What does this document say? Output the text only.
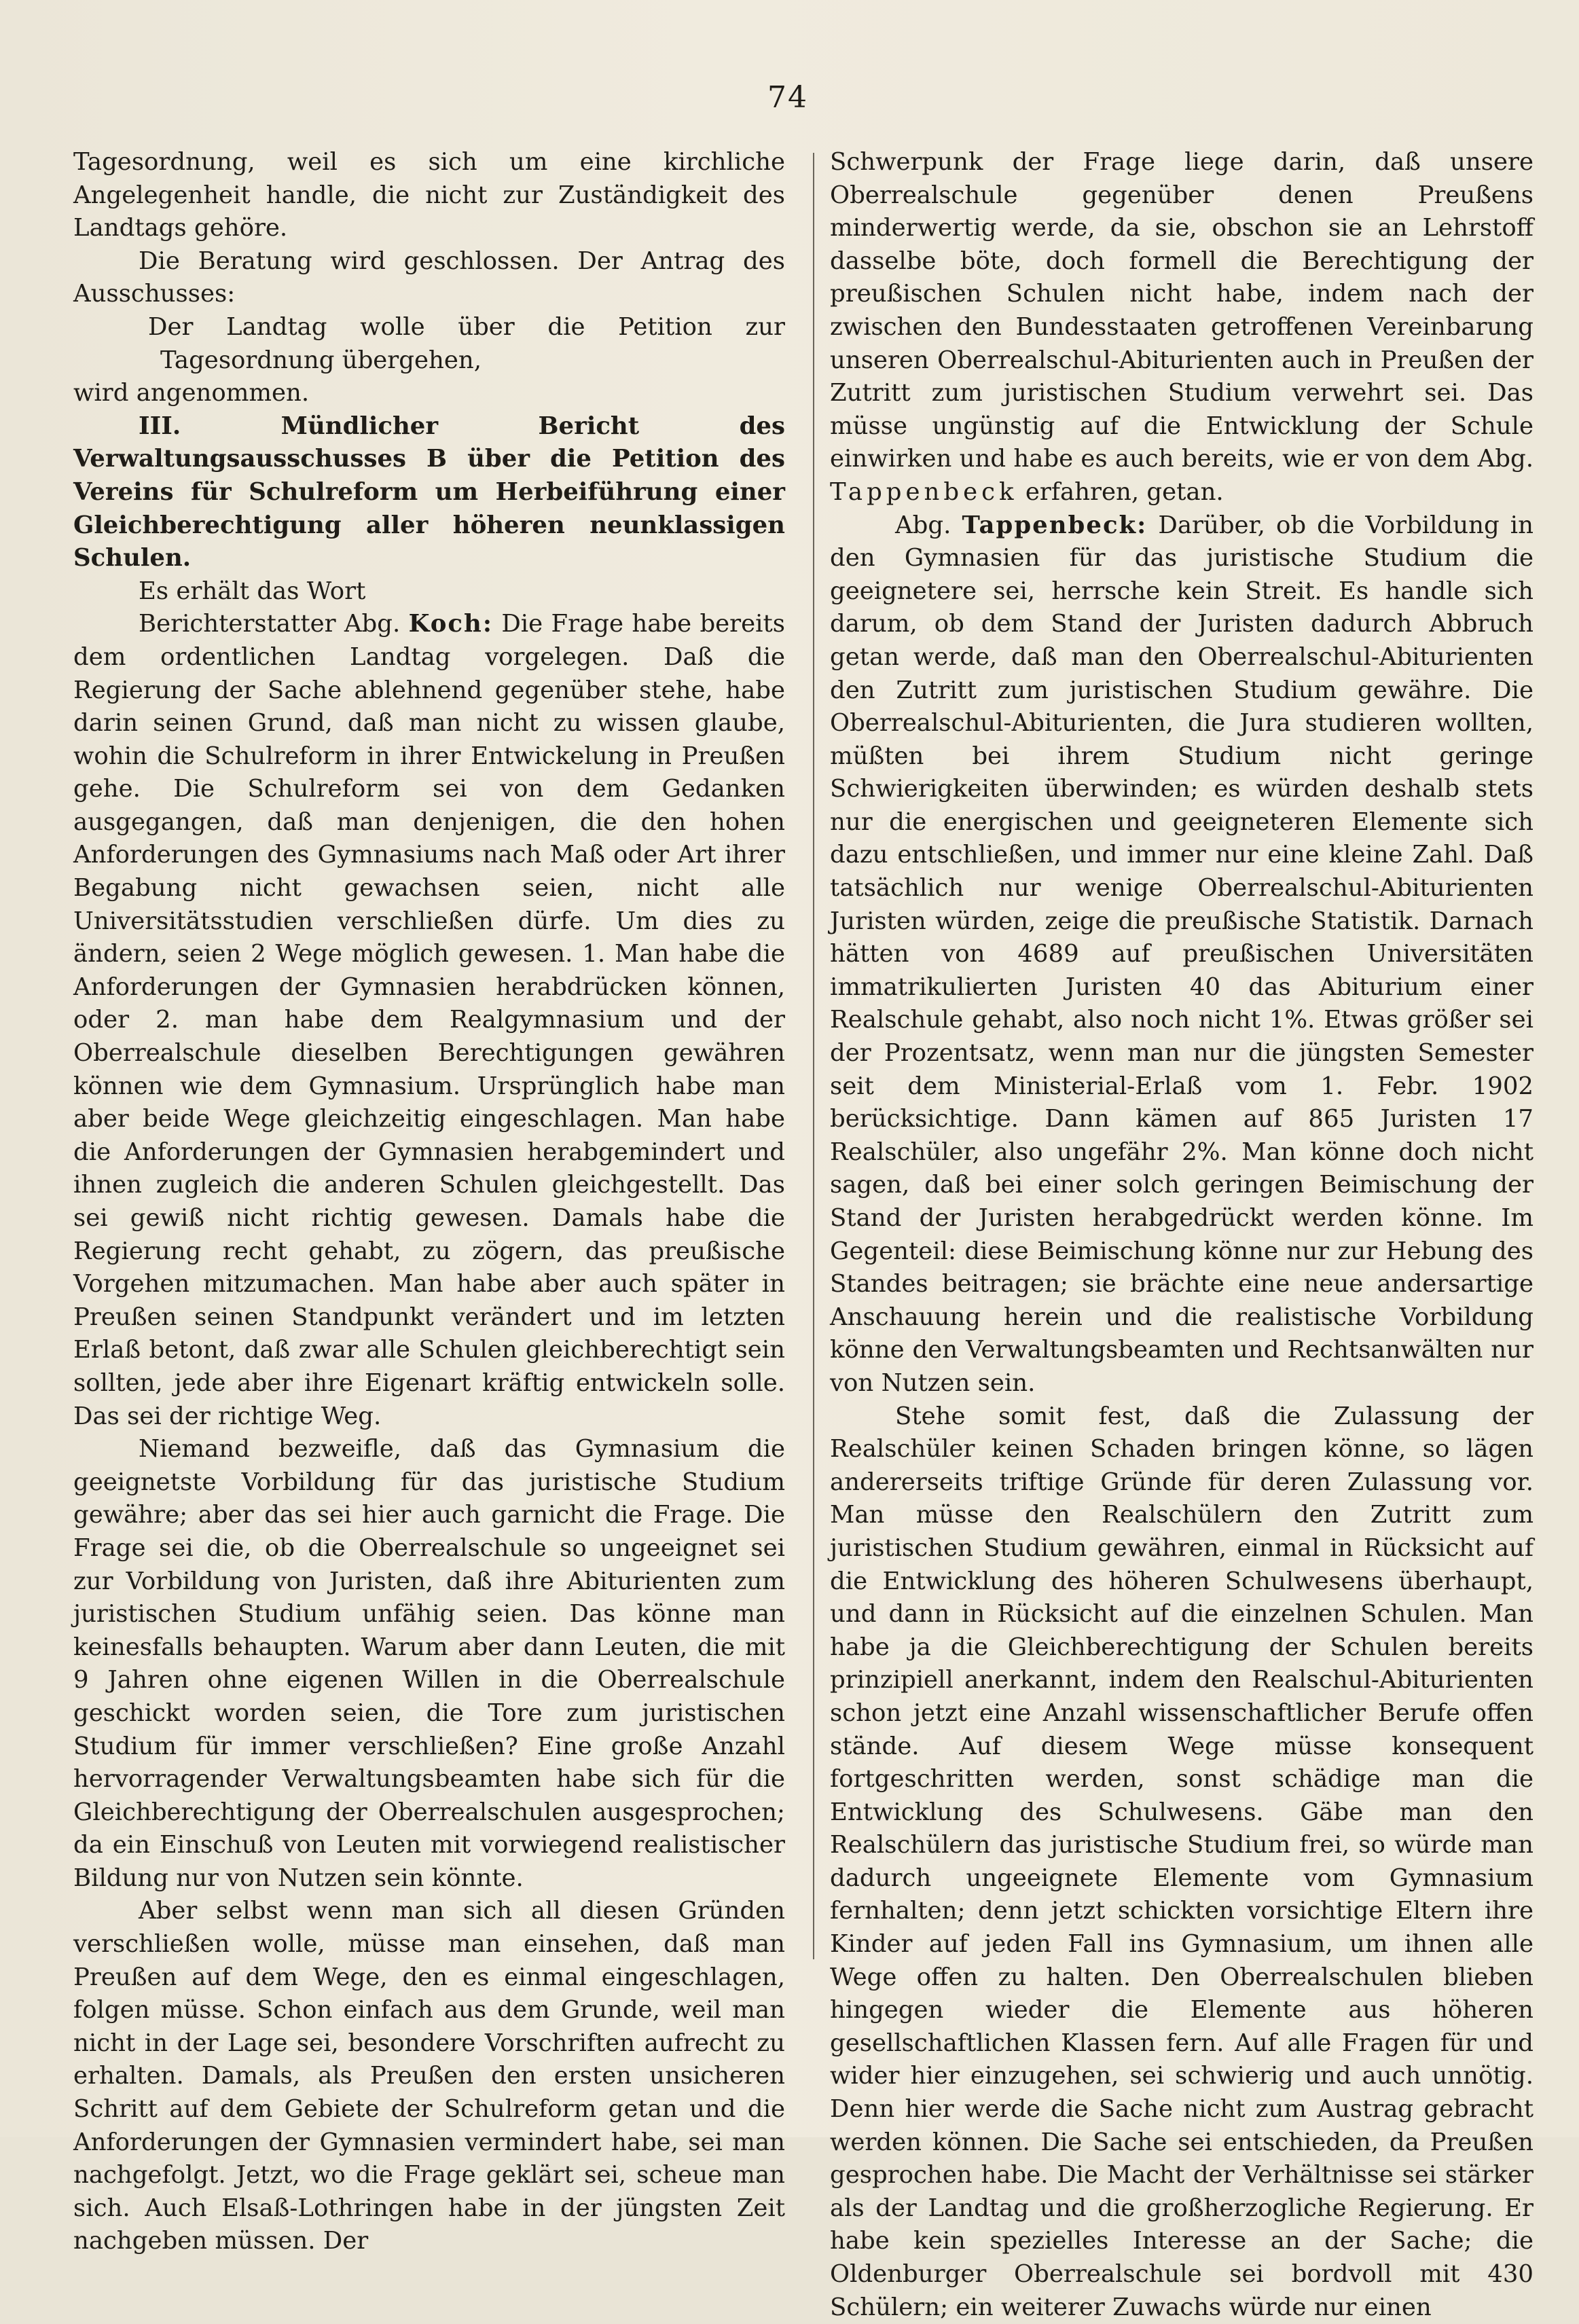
74

Tagesordnung, weil es sich um eine kirchliche Angelegenheit handle, die nicht zur Zuständigkeit des Landtags gehöre.

Die Beratung wird geschlossen. Der Antrag des Ausschusses:

Der Landtag wolle über die Petition zur Tagesordnung übergehen,

wird angenommen.

III.	Mündlicher Bericht des Verwaltungsausschusses B über die Petition des Vereins für Schulreform um Herbeiführung einer Gleichberechtigung aller höheren neunklassigen Schulen.

Es erhält das Wort

Berichterstatter Abg. Koch: Die Frage habe bereits dem ordentlichen Landtag vorgelegen. Daß die Regierung der Sache ablehnend gegenüber stehe, habe darin seinen Grund, daß man nicht zu wissen glaube, wohin die Schulreform in ihrer Entwickelung in Preußen gehe. Die Schulreform sei von dem Gedanken ausgegangen, daß man denjenigen, die den hohen Anforderungen des Gymnasiums nach Maß oder Art ihrer Begabung nicht gewachsen seien, nicht alle Universitätsstudien verschließen dürfe. Um dies zu ändern, seien 2 Wege möglich gewesen. 1. Man habe die Anforderungen der Gymnasien herabdrücken können, oder 2. man habe dem Realgymnasium und der Oberrealschule dieselben Berechtigungen gewähren können wie dem Gymnasium. Ursprünglich habe man aber beide Wege gleichzeitig eingeschlagen. Man habe die Anforderungen der Gymnasien herabgemindert und ihnen zugleich die anderen Schulen gleichgestellt. Das sei gewiß nicht richtig gewesen. Damals habe die Regierung recht gehabt, zu zögern, das preußische Vorgehen mitzumachen. Man habe aber auch später in Preußen seinen Standpunkt verändert und im letzten Erlaß betont, daß zwar alle Schulen gleichberechtigt sein sollten, jede aber ihre Eigenart kräftig entwickeln solle. Das sei der richtige Weg.

Niemand bezweifle, daß das Gymnasium die geeignetste Vorbildung für das juristische Studium gewähre; aber das sei hier auch garnicht die Frage. Die Frage sei die, ob die Oberrealschule so ungeeignet sei zur Vorbildung von Juristen, daß ihre Abiturienten zum juristischen Studium unfähig seien. Das könne man keinesfalls behaupten. Warum aber dann Leuten, die mit 9 Jahren ohne eigenen Willen in die Oberrealschule geschickt worden seien, die Tore zum juristischen Studium für immer verschließen? Eine große Anzahl hervorragender Verwaltungsbeamten habe sich für die Gleichberechtigung der Oberrealschulen ausgesprochen; da ein Einschuß von Leuten mit vorwiegend realistischer Bildung nur von Nutzen sein könnte.

Aber selbst wenn man sich all diesen Gründen verschließen wolle, müsse man einsehen, daß man Preußen auf dem Wege, den es einmal eingeschlagen, folgen müsse. Schon einfach aus dem Grunde, weil man nicht in der Lage sei, besondere Vorschriften aufrecht zu erhalten. Damals, als Preußen den ersten unsicheren Schritt auf dem Gebiete der Schulreform getan und die Anforderungen der Gymnasien vermindert habe, sei man nachgefolgt. Jetzt, wo die Frage geklärt sei, scheue man sich. Auch Elsaß-Lothringen habe in der jüngsten Zeit nachgeben müssen. Der

Schwerpunk der Frage liege darin, daß unsere Oberrealschule gegenüber denen Preußens minderwertig werde, da sie, obschon sie an Lehrstoff dasselbe böte, doch formell die Berechtigung der preußischen Schulen nicht habe, indem nach der zwischen den Bundesstaaten getroffenen Vereinbarung unseren Oberrealschul-Abiturienten auch in Preußen der Zutritt zum juristischen Studium verwehrt sei. Das müsse ungünstig auf die Entwicklung der Schule einwirken und habe es auch bereits, wie er von dem Abg. Tappenbeck erfahren, getan.

Abg. Tappenbeck: Darüber, ob die Vorbildung in den Gymnasien für das juristische Studium die geeignetere sei, herrsche kein Streit. Es handle sich darum, ob dem Stand der Juristen dadurch Abbruch getan werde, daß man den Oberrealschul-Abiturienten den Zutritt zum juristischen Studium gewähre. Die Oberrealschul-Abiturienten, die Jura studieren wollten, müßten bei ihrem Studium nicht geringe Schwierigkeiten überwinden; es würden deshalb stets nur die energischen und geeigneteren Elemente sich dazu entschließen, und immer nur eine kleine Zahl. Daß tatsächlich nur wenige Oberrealschul-Abiturienten Juristen würden, zeige die preußische Statistik. Darnach hätten von 4689 auf preußischen Universitäten immatrikulierten Juristen 40 das Abiturium einer Realschule gehabt, also noch nicht 1%. Etwas größer sei der Prozentsatz, wenn man nur die jüngsten Semester seit dem Ministerial-Erlaß vom 1. Febr. 1902 berücksichtige. Dann kämen auf 865 Juristen 17 Realschüler, also ungefähr 2%. Man könne doch nicht sagen, daß bei einer solch geringen Beimischung der Stand der Juristen herabgedrückt werden könne. Im Gegenteil: diese Beimischung könne nur zur Hebung des Standes beitragen; sie brächte eine neue andersartige Anschauung herein und die realistische Vorbildung könne den Verwaltungsbeamten und Rechtsanwälten nur von Nutzen sein.

Stehe somit fest, daß die Zulassung der Realschüler keinen Schaden bringen könne, so lägen andererseits triftige Gründe für deren Zulassung vor. Man müsse den Realschülern den Zutritt zum juristischen Studium gewähren, einmal in Rücksicht auf die Entwicklung des höheren Schulwesens überhaupt, und dann in Rücksicht auf die einzelnen Schulen. Man habe ja die Gleichberechtigung der Schulen bereits prinzipiell anerkannt, indem den Realschul-Abiturienten schon jetzt eine Anzahl wissenschaftlicher Berufe offen stände. Auf diesem Wege müsse konsequent fortgeschritten werden, sonst schädige man die Entwicklung des Schulwesens. Gäbe man den Realschülern das juristische Studium frei, so würde man dadurch ungeeignete Elemente vom Gymnasium fernhalten; denn jetzt schickten vorsichtige Eltern ihre Kinder auf jeden Fall ins Gymnasium, um ihnen alle Wege offen zu halten. Den Oberrealschulen blieben hingegen wieder die Elemente aus höheren gesellschaftlichen Klassen fern. Auf alle Fragen für und wider hier einzugehen, sei schwierig und auch unnötig. Denn hier werde die Sache nicht zum Austrag gebracht werden können. Die Sache sei entschieden, da Preußen gesprochen habe. Die Macht der Verhältnisse sei stärker als der Landtag und die großherzogliche Regierung. Er habe kein spezielles Interesse an der Sache; die Oldenburger Oberrealschule sei bordvoll mit 430 Schülern; ein weiterer Zuwachs würde nur einen
